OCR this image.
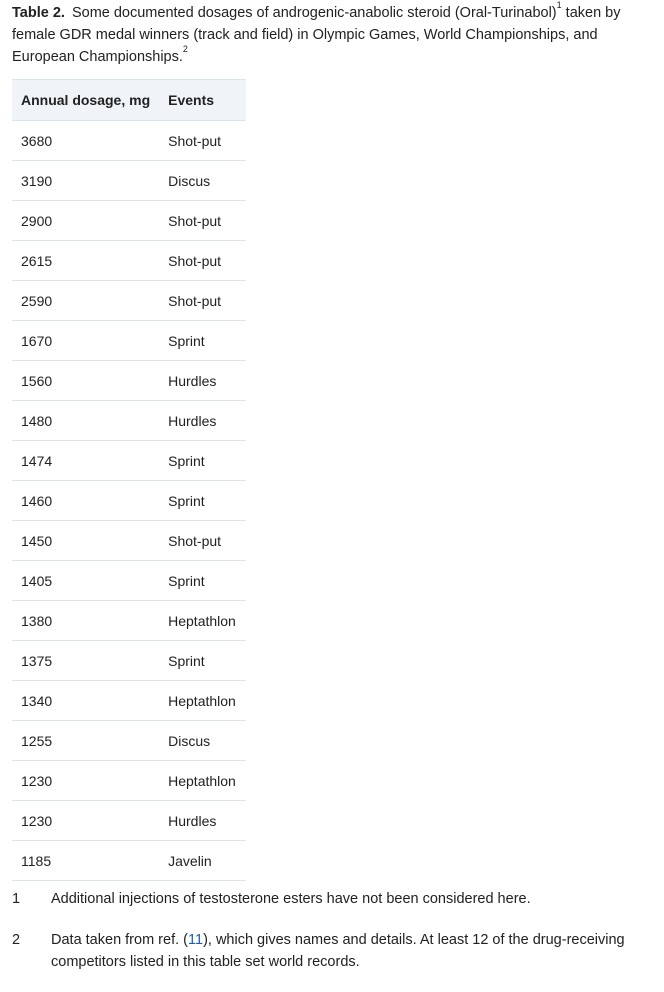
Table 2. Some documented dosages of androgenic-anabolic steroid (Oral-Turinabol)$^1$ taken by female GDR medal winners (track and field) in Olympic Games, World Championships, and European Championships.$^2$
Annual dosage, mg	Events
3680	Shot-put
3190	Discus
2900	Shot-put
2615	Shot-put
2590	Shot-put
1670	Sprint
1560	Hurdles
1480	Hurdles
1474	Sprint
1460	Sprint
1450	Shot-put
1405	Sprint
1380	Heptathlon
1375	Sprint
1340	Heptathlon
1255	Discus
1230	Heptathlon
1230	Hurdles
1185	Javelin
1	Additional injections of testosterone esters have not been considered here.
2	Data taken from ref. (11), which gives names and details. At least 12 of the drug-receiving competitors listed in this table set world records.
